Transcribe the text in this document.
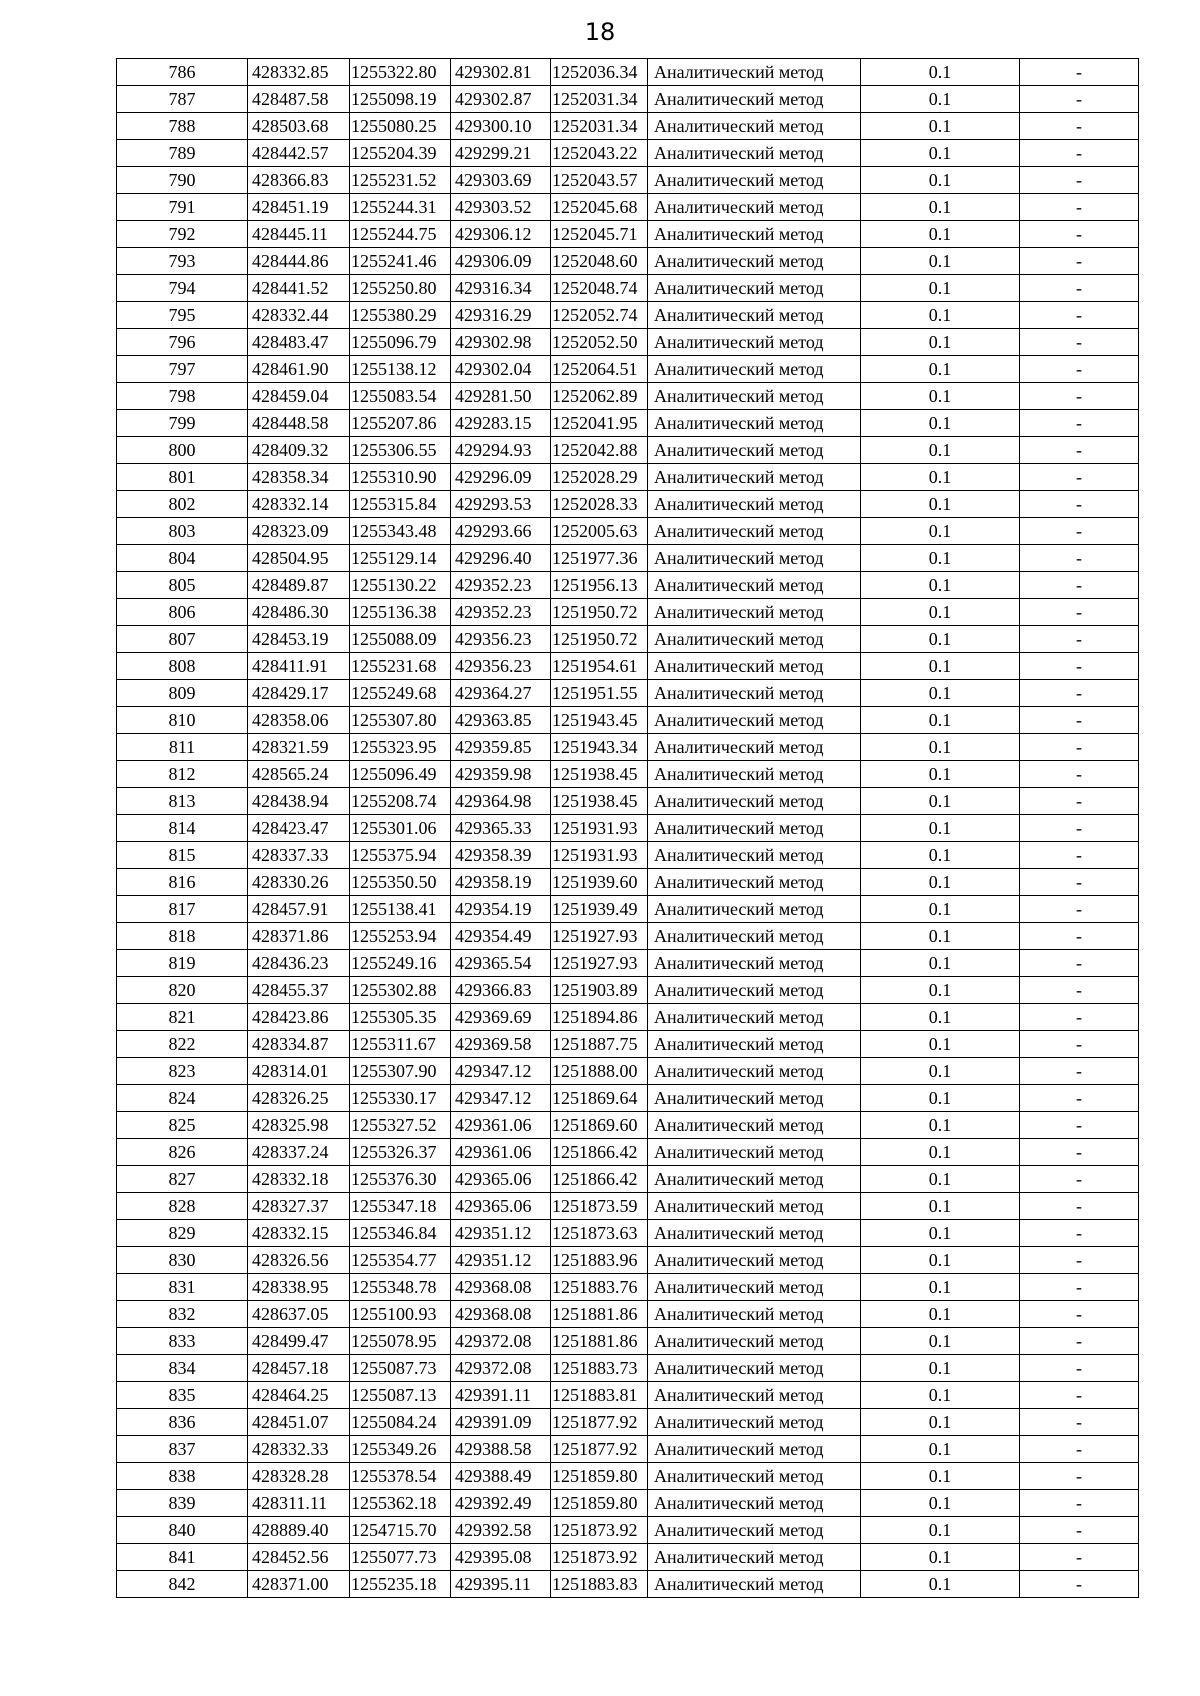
18
786	428332.85	1255322.80	429302.81	1252036.34	Аналитический метод	0.1	-
787	428487.58	1255098.19	429302.87	1252031.34	Аналитический метод	0.1	-
788	428503.68	1255080.25	429300.10	1252031.34	Аналитический метод	0.1	-
789	428442.57	1255204.39	429299.21	1252043.22	Аналитический метод	0.1	-
790	428366.83	1255231.52	429303.69	1252043.57	Аналитический метод	0.1	-
791	428451.19	1255244.31	429303.52	1252045.68	Аналитический метод	0.1	-
792	428445.11	1255244.75	429306.12	1252045.71	Аналитический метод	0.1	-
793	428444.86	1255241.46	429306.09	1252048.60	Аналитический метод	0.1	-
794	428441.52	1255250.80	429316.34	1252048.74	Аналитический метод	0.1	-
795	428332.44	1255380.29	429316.29	1252052.74	Аналитический метод	0.1	-
796	428483.47	1255096.79	429302.98	1252052.50	Аналитический метод	0.1	-
797	428461.90	1255138.12	429302.04	1252064.51	Аналитический метод	0.1	-
798	428459.04	1255083.54	429281.50	1252062.89	Аналитический метод	0.1	-
799	428448.58	1255207.86	429283.15	1252041.95	Аналитический метод	0.1	-
800	428409.32	1255306.55	429294.93	1252042.88	Аналитический метод	0.1	-
801	428358.34	1255310.90	429296.09	1252028.29	Аналитический метод	0.1	-
802	428332.14	1255315.84	429293.53	1252028.33	Аналитический метод	0.1	-
803	428323.09	1255343.48	429293.66	1252005.63	Аналитический метод	0.1	-
804	428504.95	1255129.14	429296.40	1251977.36	Аналитический метод	0.1	-
805	428489.87	1255130.22	429352.23	1251956.13	Аналитический метод	0.1	-
806	428486.30	1255136.38	429352.23	1251950.72	Аналитический метод	0.1	-
807	428453.19	1255088.09	429356.23	1251950.72	Аналитический метод	0.1	-
808	428411.91	1255231.68	429356.23	1251954.61	Аналитический метод	0.1	-
809	428429.17	1255249.68	429364.27	1251951.55	Аналитический метод	0.1	-
810	428358.06	1255307.80	429363.85	1251943.45	Аналитический метод	0.1	-
811	428321.59	1255323.95	429359.85	1251943.34	Аналитический метод	0.1	-
812	428565.24	1255096.49	429359.98	1251938.45	Аналитический метод	0.1	-
813	428438.94	1255208.74	429364.98	1251938.45	Аналитический метод	0.1	-
814	428423.47	1255301.06	429365.33	1251931.93	Аналитический метод	0.1	-
815	428337.33	1255375.94	429358.39	1251931.93	Аналитический метод	0.1	-
816	428330.26	1255350.50	429358.19	1251939.60	Аналитический метод	0.1	-
817	428457.91	1255138.41	429354.19	1251939.49	Аналитический метод	0.1	-
818	428371.86	1255253.94	429354.49	1251927.93	Аналитический метод	0.1	-
819	428436.23	1255249.16	429365.54	1251927.93	Аналитический метод	0.1	-
820	428455.37	1255302.88	429366.83	1251903.89	Аналитический метод	0.1	-
821	428423.86	1255305.35	429369.69	1251894.86	Аналитический метод	0.1	-
822	428334.87	1255311.67	429369.58	1251887.75	Аналитический метод	0.1	-
823	428314.01	1255307.90	429347.12	1251888.00	Аналитический метод	0.1	-
824	428326.25	1255330.17	429347.12	1251869.64	Аналитический метод	0.1	-
825	428325.98	1255327.52	429361.06	1251869.60	Аналитический метод	0.1	-
826	428337.24	1255326.37	429361.06	1251866.42	Аналитический метод	0.1	-
827	428332.18	1255376.30	429365.06	1251866.42	Аналитический метод	0.1	-
828	428327.37	1255347.18	429365.06	1251873.59	Аналитический метод	0.1	-
829	428332.15	1255346.84	429351.12	1251873.63	Аналитический метод	0.1	-
830	428326.56	1255354.77	429351.12	1251883.96	Аналитический метод	0.1	-
831	428338.95	1255348.78	429368.08	1251883.76	Аналитический метод	0.1	-
832	428637.05	1255100.93	429368.08	1251881.86	Аналитический метод	0.1	-
833	428499.47	1255078.95	429372.08	1251881.86	Аналитический метод	0.1	-
834	428457.18	1255087.73	429372.08	1251883.73	Аналитический метод	0.1	-
835	428464.25	1255087.13	429391.11	1251883.81	Аналитический метод	0.1	-
836	428451.07	1255084.24	429391.09	1251877.92	Аналитический метод	0.1	-
837	428332.33	1255349.26	429388.58	1251877.92	Аналитический метод	0.1	-
838	428328.28	1255378.54	429388.49	1251859.80	Аналитический метод	0.1	-
839	428311.11	1255362.18	429392.49	1251859.80	Аналитический метод	0.1	-
840	428889.40	1254715.70	429392.58	1251873.92	Аналитический метод	0.1	-
841	428452.56	1255077.73	429395.08	1251873.92	Аналитический метод	0.1	-
842	428371.00	1255235.18	429395.11	1251883.83	Аналитический метод	0.1	-
